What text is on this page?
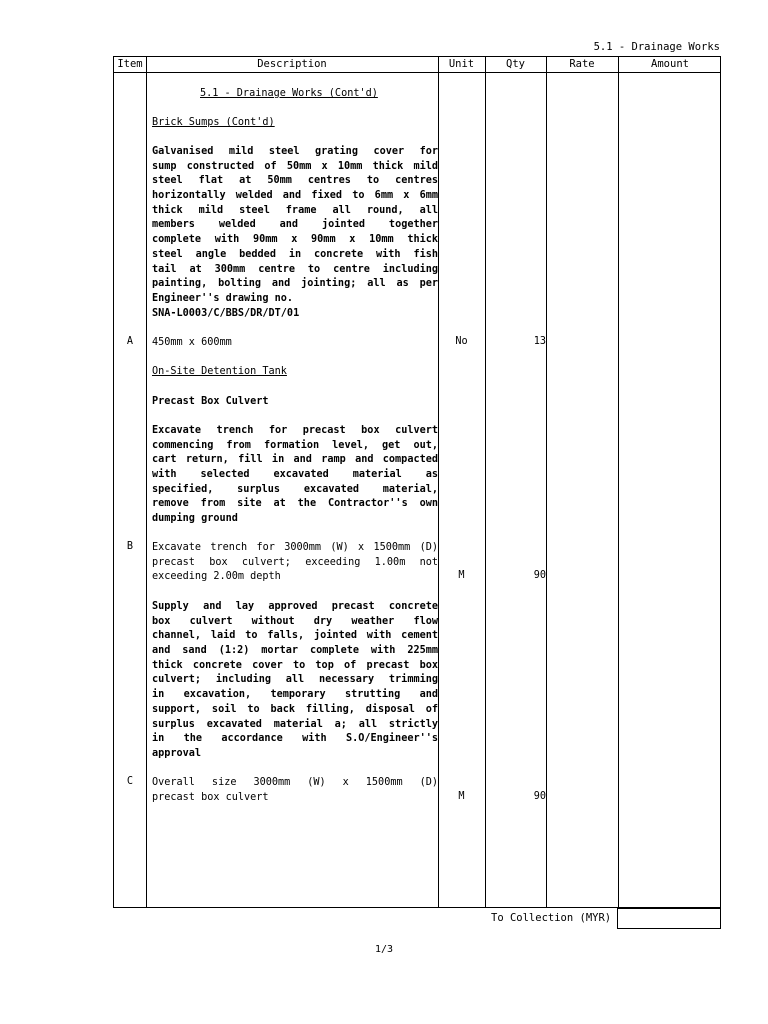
5.1 - Drainage Works
Item	Description	Unit	Qty	Rate	Amount
5.1 - Drainage Works (Cont'd)
Brick Sumps (Cont'd)
Galvanised mild steel grating cover for
sump constructed of 50mm x 10mm thick mild
steel flat at 50mm centres to centres
horizontally welded and fixed to 6mm x 6mm
thick mild steel frame all round, all
members welded and jointed together
complete with 90mm x 90mm x 10mm thick
steel angle bedded in concrete with fish
tail at 300mm centre to centre including
painting, bolting and jointing; all as per
Engineer''s drawing no.
SNA-L0003/C/BBS/DR/DT/01
A	450mm x 600mm	No	13
On-Site Detention Tank
Precast Box Culvert
Excavate trench for precast box culvert
commencing from formation level, get out,
cart return, fill in and ramp and compacted
with selected excavated material as
specified, surplus excavated material,
remove from site at the Contractor''s own
dumping ground
B	Excavate trench for 3000mm (W) x 1500mm (D)
precast box culvert; exceeding 1.00m not
exceeding 2.00m depth	M	90
Supply and lay approved precast concrete
box culvert without dry weather flow
channel, laid to falls, jointed with cement
and sand (1:2) mortar complete with 225mm
thick concrete cover to top of precast box
culvert; including all necessary trimming
in excavation, temporary strutting and
support, soil to back filling, disposal of
surplus excavated material a; all strictly
in the accordance with S.O/Engineer''s
approval
C	Overall size 3000mm (W) x 1500mm (D)
precast box culvert	M	90
To Collection (MYR)
1/3
